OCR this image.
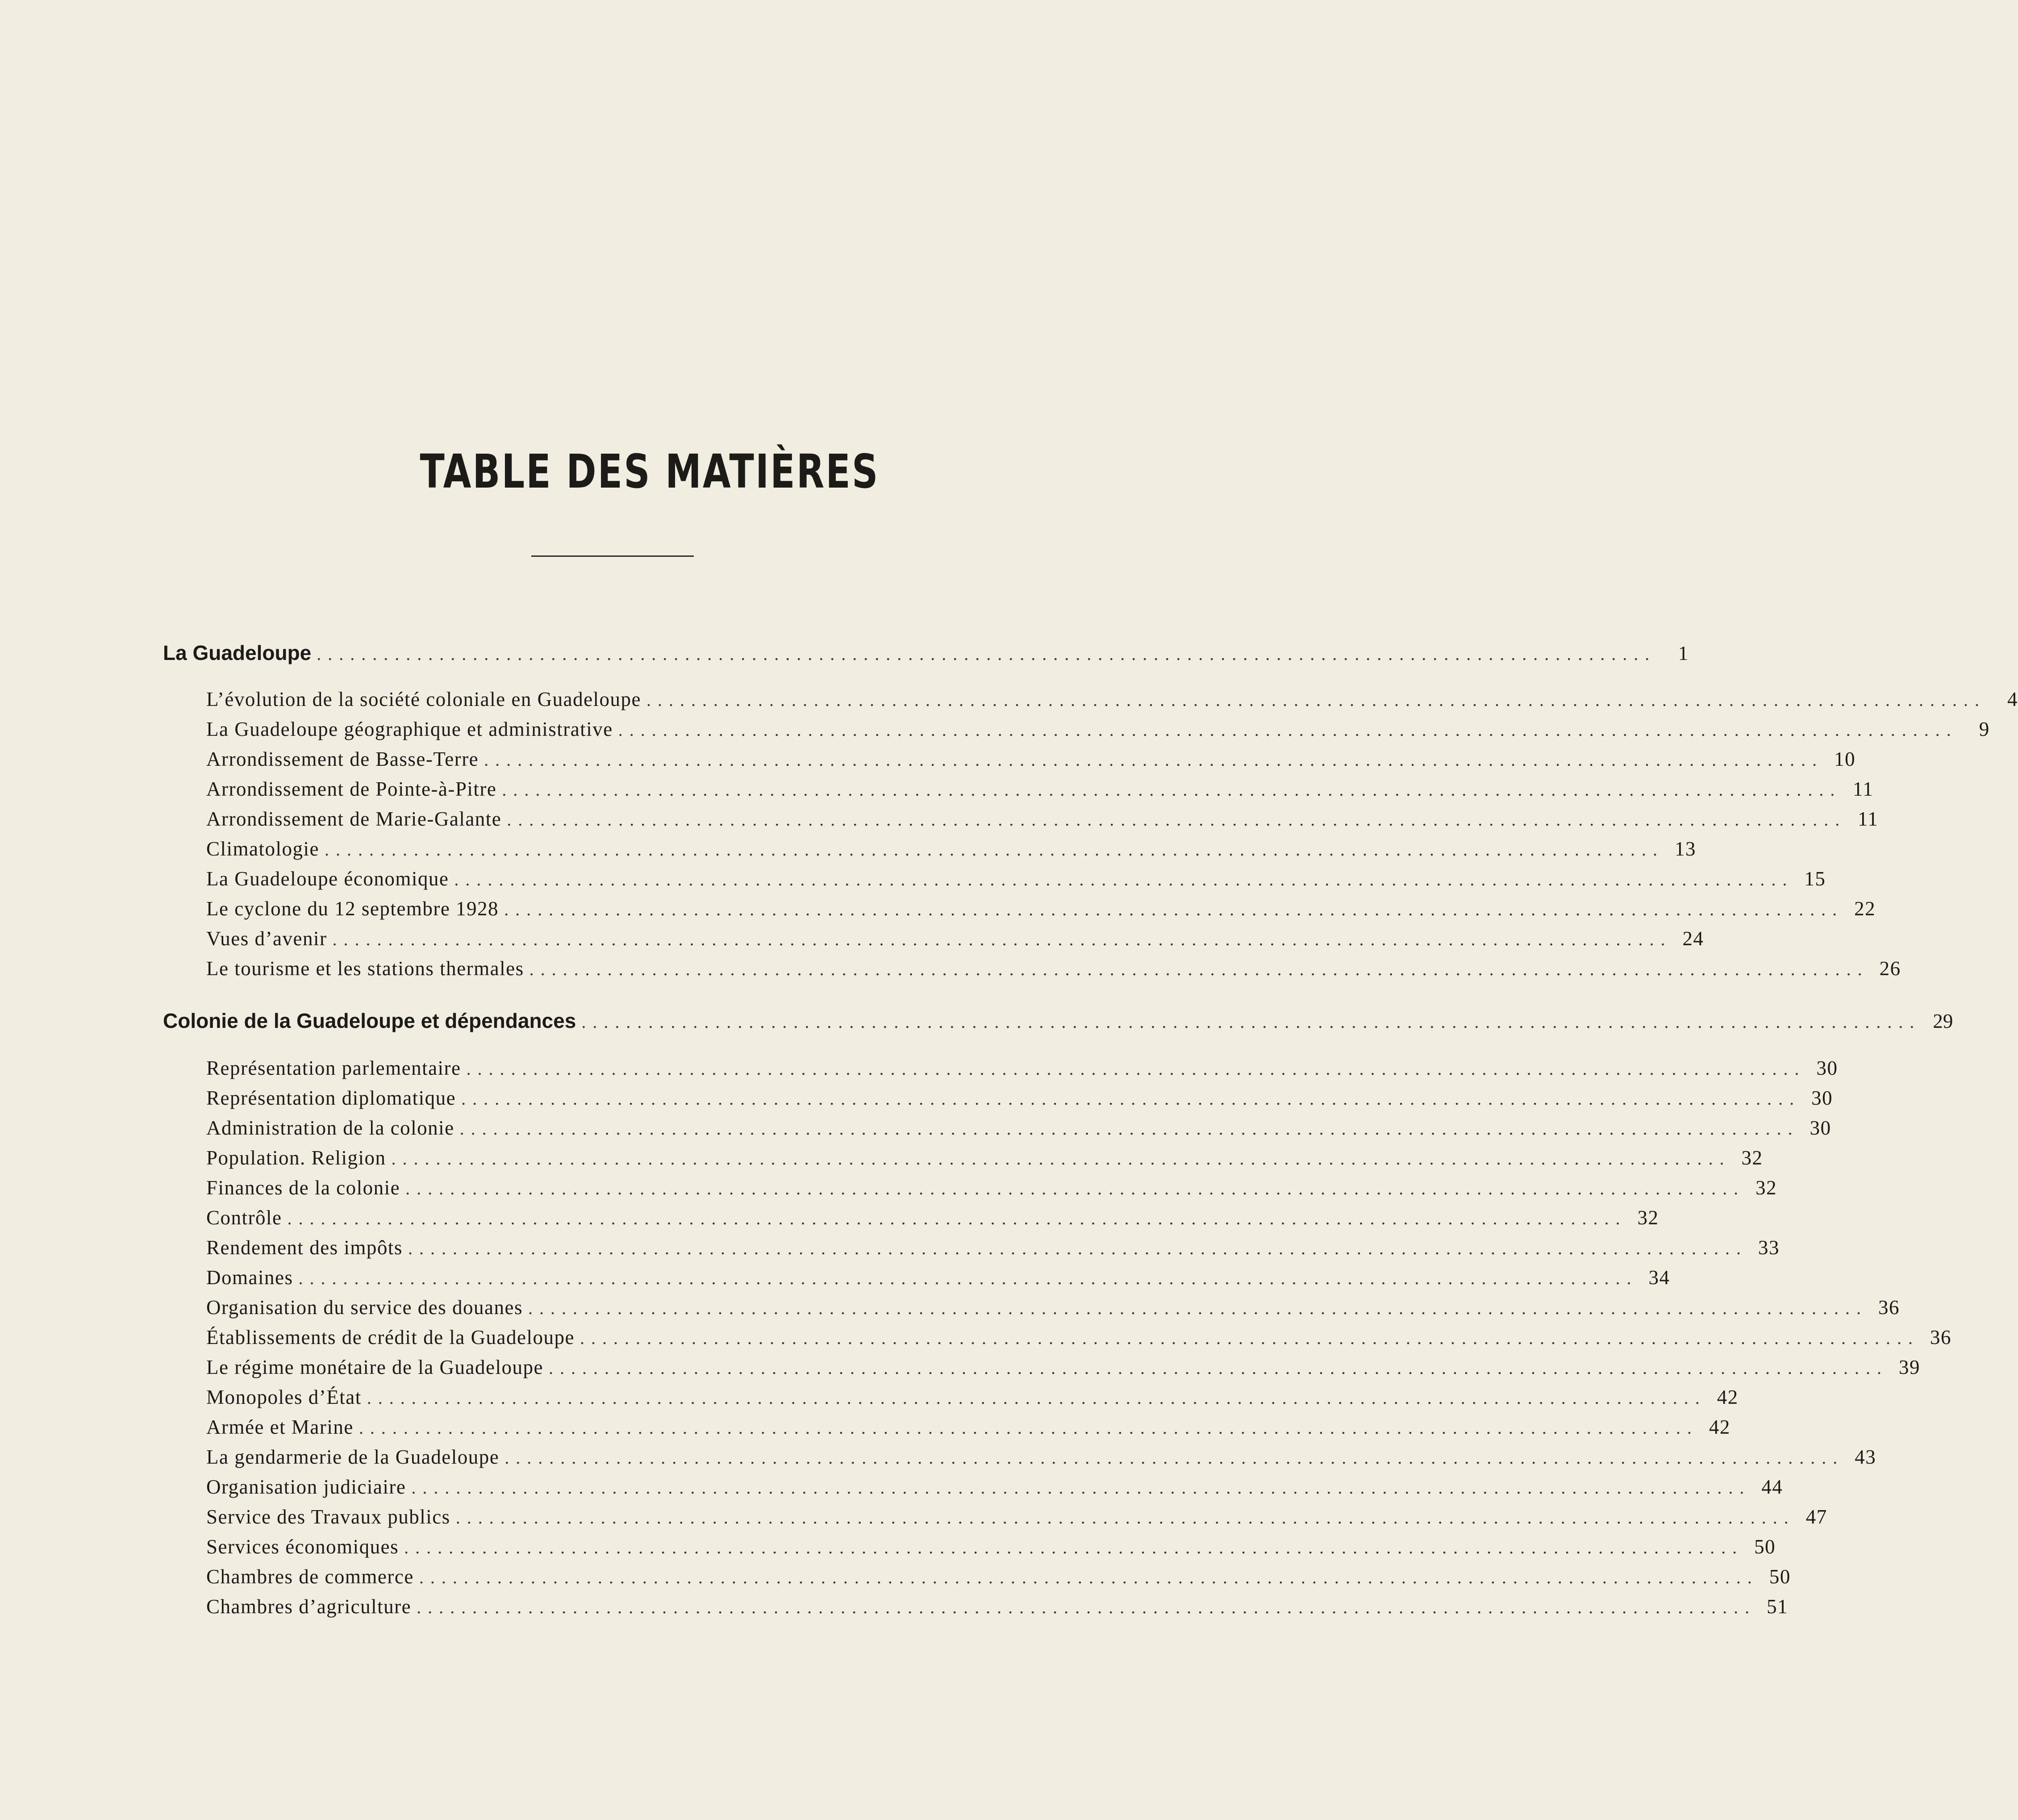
TABLE DES MATIÈRES
La Guadeloupe ........................................................................................................................	1
L’évolution de la société coloniale en Guadeloupe ........................................................................................................................	4
La Guadeloupe géographique et administrative ........................................................................................................................	9
Arrondissement de Basse-Terre ........................................................................................................................ 10
Arrondissement de Pointe-à-Pitre ........................................................................................................................ 11
Arrondissement de Marie-Galante ........................................................................................................................ 11
Climatologie ........................................................................................................................ 13
La Guadeloupe économique ........................................................................................................................ 15
Le cyclone du 12 septembre 1928 ........................................................................................................................ 22
Vues d’avenir ........................................................................................................................ 24
Le tourisme et les stations thermales ........................................................................................................................ 26
Colonie de la Guadeloupe et dépendances ........................................................................................................................ 29
Représentation parlementaire ........................................................................................................................ 30
Représentation diplomatique ........................................................................................................................ 30
Administration de la colonie ........................................................................................................................ 30
Population. Religion ........................................................................................................................ 32
Finances de la colonie ........................................................................................................................ 32
Contrôle ........................................................................................................................ 32
Rendement des impôts ........................................................................................................................ 33
Domaines ........................................................................................................................ 34
Organisation du service des douanes ........................................................................................................................ 36
Établissements de crédit de la Guadeloupe ........................................................................................................................ 36
Le régime monétaire de la Guadeloupe ........................................................................................................................ 39
Monopoles d’État ........................................................................................................................ 42
Armée et Marine ........................................................................................................................ 42
La gendarmerie de la Guadeloupe ........................................................................................................................ 43
Organisation judiciaire ........................................................................................................................ 44
Service des Travaux publics ........................................................................................................................ 47
Services économiques ........................................................................................................................ 50
Chambres de commerce ........................................................................................................................ 50
Chambres d’agriculture ........................................................................................................................ 51
